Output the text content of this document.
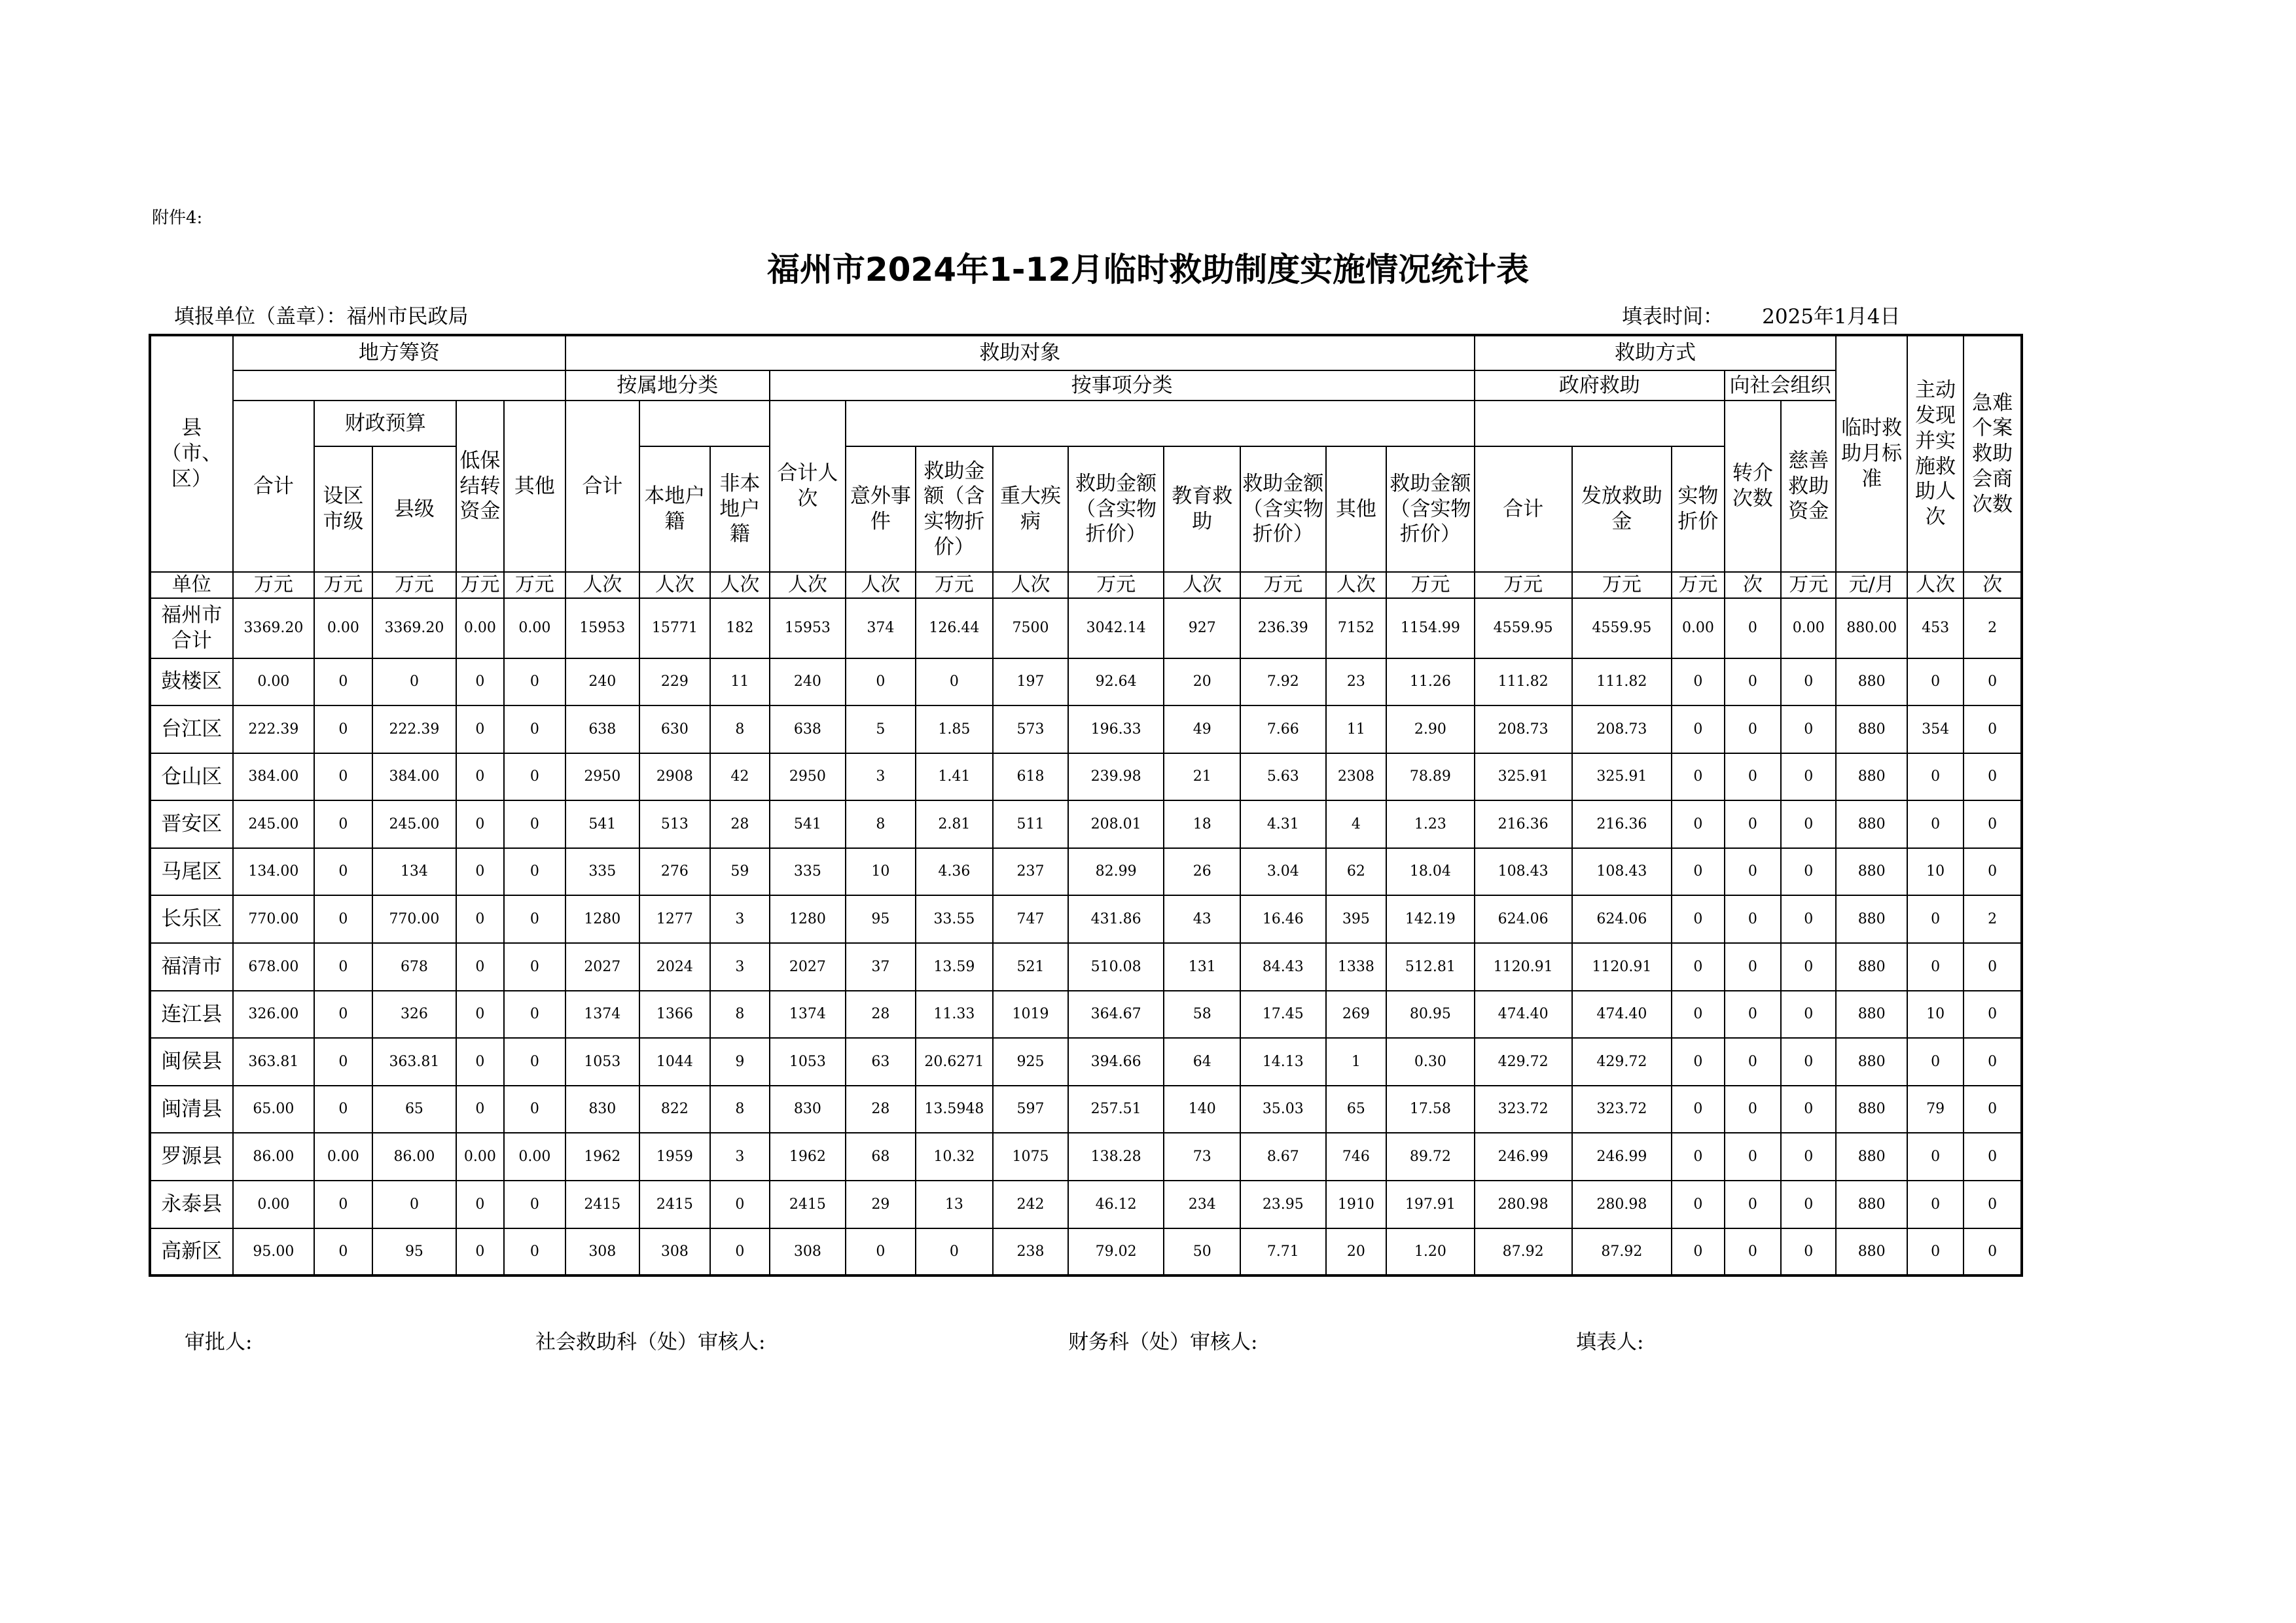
附件4:
福州市2024年1-12月临时救助制度实施情况统计表
填报单位（盖章）：福州市民政局	填表时间： 2025年1月4日
县（市、区）	地方筹资					救助对象												救助方式					临时救助月标准	主动发现并实施救助人次	急难个案救助会商次数
						按属地分类			按事项分类									政府救助			向社会组织				
	合计	财政预算		低保结转资金	其他	合计			合计人次												转介次数	慈善救助资金			
		设区市级	县级				本地户籍	非本地户籍		意外事件	救助金额（含实物折价）	重大疾病	救助金额（含实物折价）	教育救助	救助金额（含实物折价）	其他	救助金额（含实物折价）	合计	发放救助金	实物折价					
单位	万元	万元	万元	万元	万元	人次	人次	人次	人次	人次	万元	人次	万元	人次	万元	人次	万元	万元	万元	万元	次	万元	元/月	人次	次
福州市合计	3369.20	0.00	3369.20	0.00	0.00	15953	15771	182	15953	374	126.44	7500	3042.14	927	236.39	7152	1154.99	4559.95	4559.95	0.00	0	0.00	880.00	453	2
鼓楼区	0.00	0	0	0	0	240	229	11	240	0	0	197	92.64	20	7.92	23	11.26	111.82	111.82	0	0	0	880	0	0
台江区	222.39	0	222.39	0	0	638	630	8	638	5	1.85	573	196.33	49	7.66	11	2.90	208.73	208.73	0	0	0	880	354	0
仓山区	384.00	0	384.00	0	0	2950	2908	42	2950	3	1.41	618	239.98	21	5.63	2308	78.89	325.91	325.91	0	0	0	880	0	0
晋安区	245.00	0	245.00	0	0	541	513	28	541	8	2.81	511	208.01	18	4.31	4	1.23	216.36	216.36	0	0	0	880	0	0
马尾区	134.00	0	134	0	0	335	276	59	335	10	4.36	237	82.99	26	3.04	62	18.04	108.43	108.43	0	0	0	880	10	0
长乐区	770.00	0	770.00	0	0	1280	1277	3	1280	95	33.55	747	431.86	43	16.46	395	142.19	624.06	624.06	0	0	0	880	0	2
福清市	678.00	0	678	0	0	2027	2024	3	2027	37	13.59	521	510.08	131	84.43	1338	512.81	1120.91	1120.91	0	0	0	880	0	0
连江县	326.00	0	326	0	0	1374	1366	8	1374	28	11.33	1019	364.67	58	17.45	269	80.95	474.40	474.40	0	0	0	880	10	0
闽侯县	363.81	0	363.81	0	0	1053	1044	9	1053	63	20.6271	925	394.66	64	14.13	1	0.30	429.72	429.72	0	0	0	880	0	0
闽清县	65.00	0	65	0	0	830	822	8	830	28	13.5948	597	257.51	140	35.03	65	17.58	323.72	323.72	0	0	0	880	79	0
罗源县	86.00	0.00	86.00	0.00	0.00	1962	1959	3	1962	68	10.32	1075	138.28	73	8.67	746	89.72	246.99	246.99	0	0	0	880	0	0
永泰县	0.00	0	0	0	0	2415	2415	0	2415	29	13	242	46.12	234	23.95	1910	197.91	280.98	280.98	0	0	0	880	0	0
高新区	95.00	0	95	0	0	308	308	0	308	0	0	238	79.02	50	7.71	20	1.20	87.92	87.92	0	0	0	880	0	0
审批人:	社会救助科（处）审核人:	财务科（处）审核人:	填表人:
